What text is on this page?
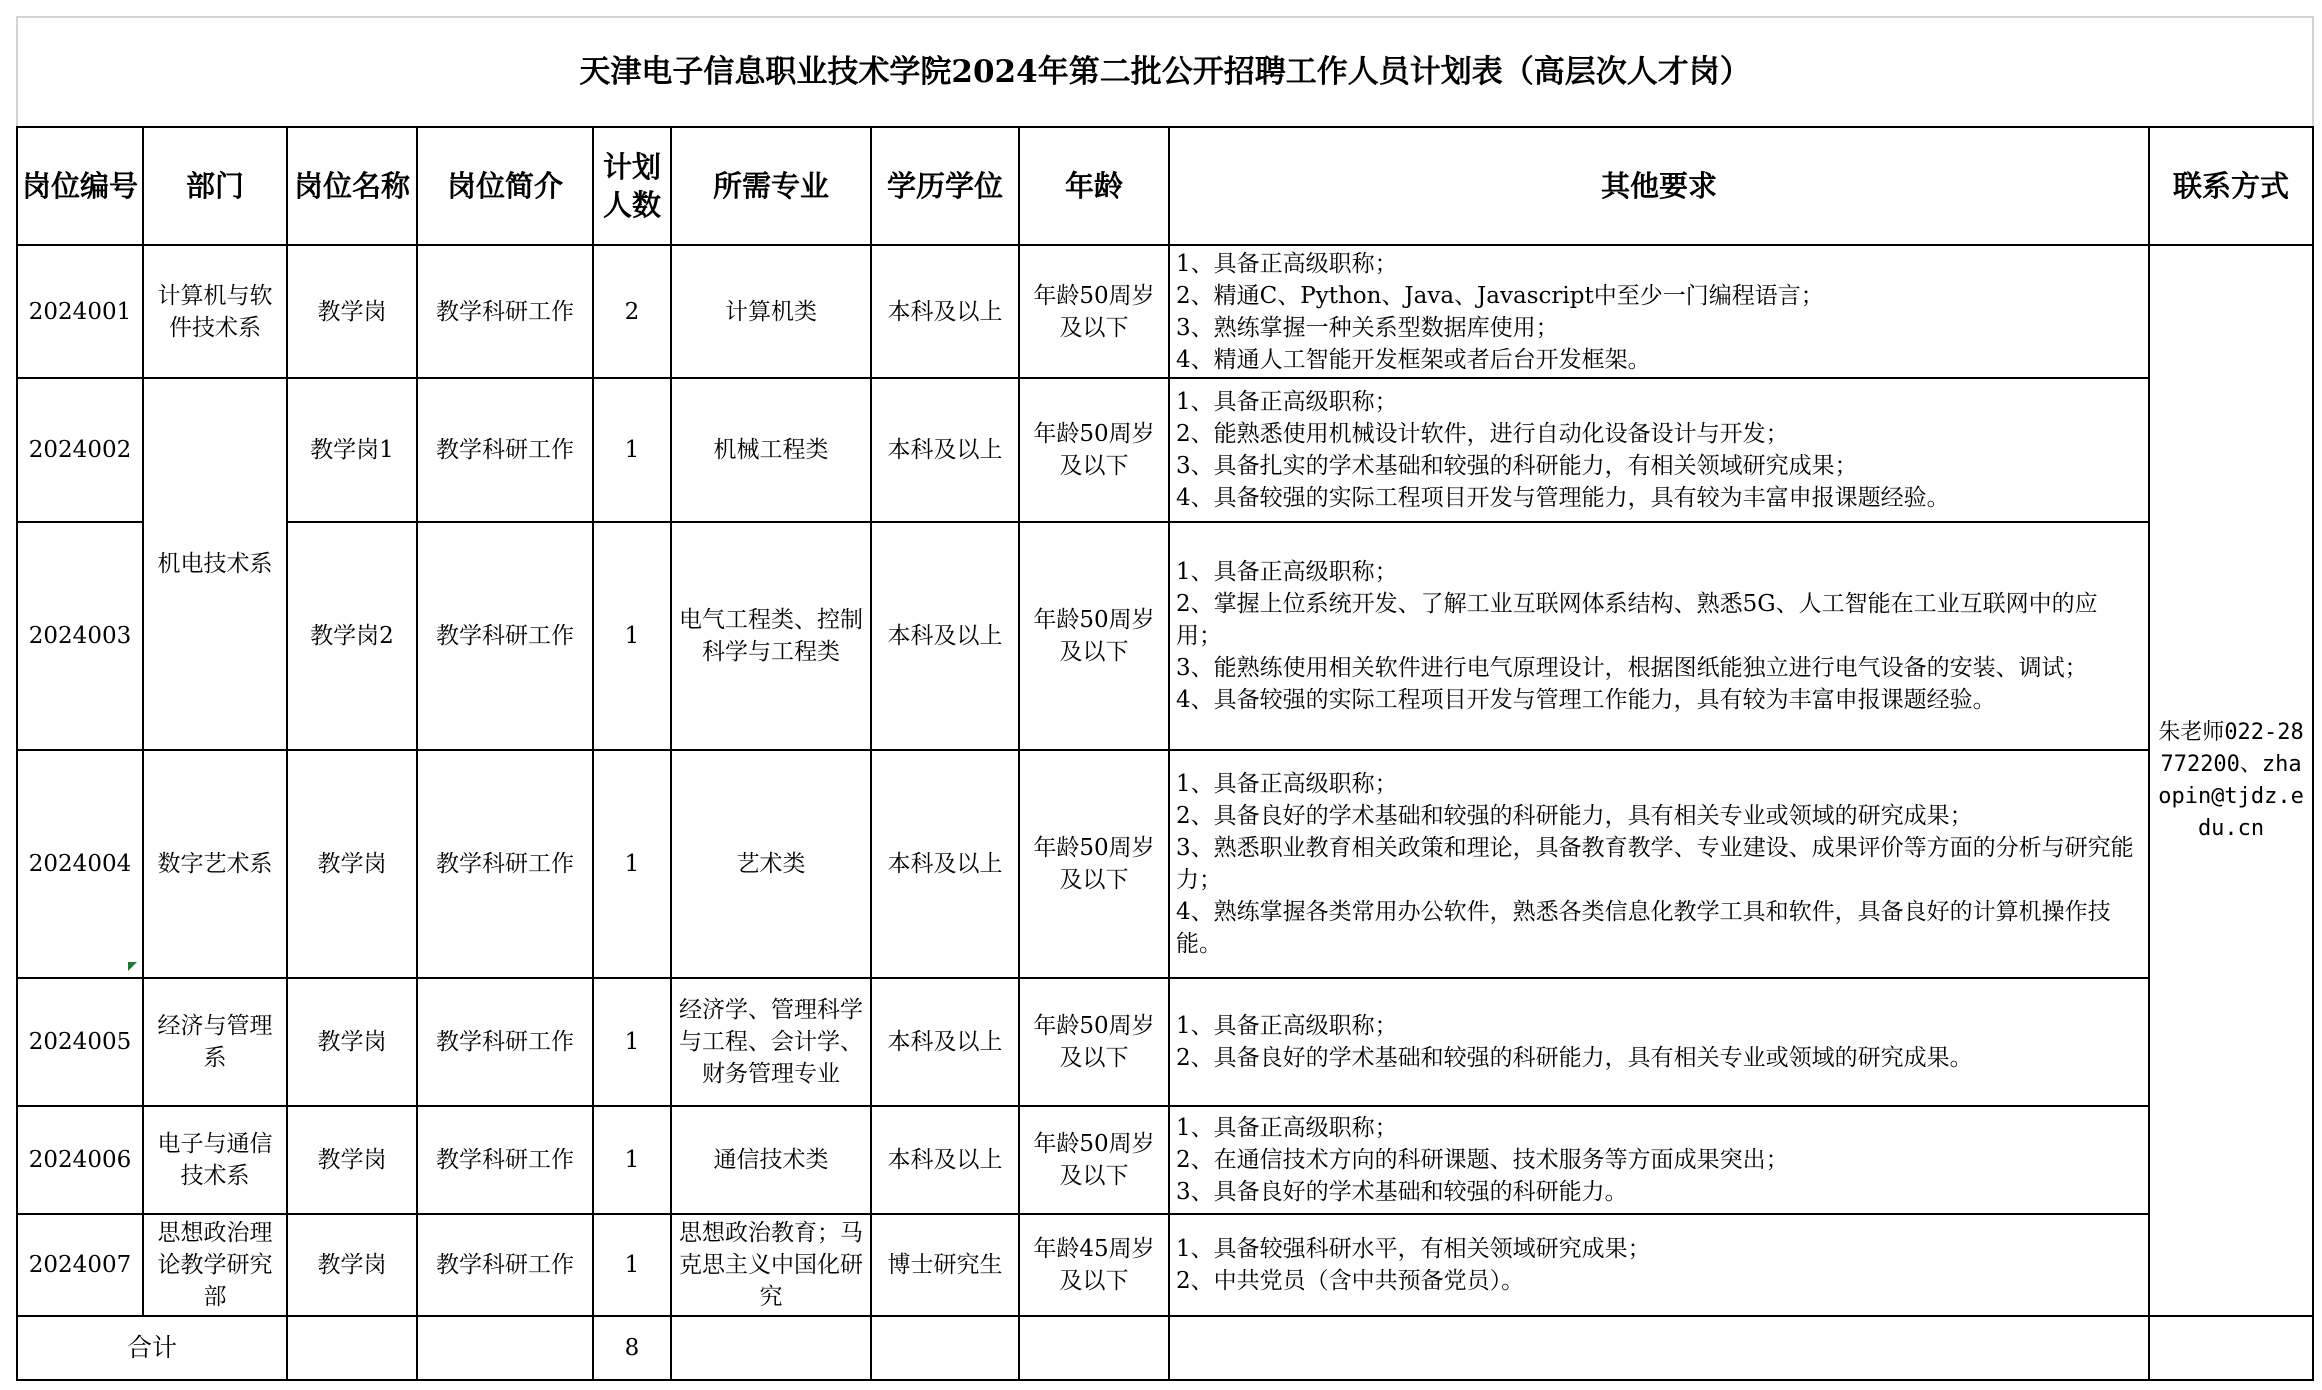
天津电子信息职业技术学院2024年第二批公开招聘工作人员计划表（高层次人才岗）									
岗位编号	部门	岗位名称	岗位简介	计划人数	所需专业	学历学位	年龄	其他要求	联系方式
2024001	计算机与软件技术系	教学岗	教学科研工作	2	计算机类	本科及以上	年龄50周岁及以下	1、具备正高级职称；
2、精通C、Python、Java、Javascript中至少一门编程语言；
3、熟练掌握一种关系型数据库使用；
4、精通人工智能开发框架或者后台开发框架。	朱老师022-28772200、zhaopin@tjdz.edu.cn
2024002	机电技术系	教学岗1	教学科研工作	1	机械工程类	本科及以上	年龄50周岁及以下	1、具备正高级职称；
2、能熟悉使用机械设计软件，进行自动化设备设计与开发；
3、具备扎实的学术基础和较强的科研能力，有相关领域研究成果；
4、具备较强的实际工程项目开发与管理能力，具有较为丰富申报课题经验。	

2024003		教学岗2	教学科研工作	1	电气工程类、控制科学与工程类	本科及以上	年龄50周岁及以下	1、具备正高级职称；
2、掌握上位系统开发、了解工业互联网体系结构、熟悉5G、人工智能在工业互联网中的应用；
3、能熟练使用相关软件进行电气原理设计，根据图纸能独立进行电气设备的安装、调试；
4、具备较强的实际工程项目开发与管理工作能力，具有较为丰富申报课题经验。	

2024004	数字艺术系	教学岗	教学科研工作	1	艺术类	本科及以上	年龄50周岁及以下	1、具备正高级职称；
2、具备良好的学术基础和较强的科研能力，具有相关专业或领域的研究成果；
3、熟悉职业教育相关政策和理论，具备教育教学、专业建设、成果评价等方面的分析与研究能力；
4、熟练掌握各类常用办公软件，熟悉各类信息化教学工具和软件，具备良好的计算机操作技能。	

2024005	经济与管理系	教学岗	教学科研工作	1	经济学、管理科学与工程、会计学、财务管理专业	本科及以上	年龄50周岁及以下	1、具备正高级职称；
2、具备良好的学术基础和较强的科研能力，具有相关专业或领域的研究成果。	

2024006	电子与通信技术系	教学岗	教学科研工作	1	通信技术类	本科及以上	年龄50周岁及以下	1、具备正高级职称；
2、在通信技术方向的科研课题、技术服务等方面成果突出；
3、具备良好的学术基础和较强的科研能力。	

2024007	思想政治理论教学研究部	教学岗	教学科研工作	1	思想政治教育；马克思主义中国化研究	博士研究生	年龄45周岁及以下	1、具备较强科研水平，有相关领域研究成果；
2、中共党员（含中共预备党员）。	

合计				8					
